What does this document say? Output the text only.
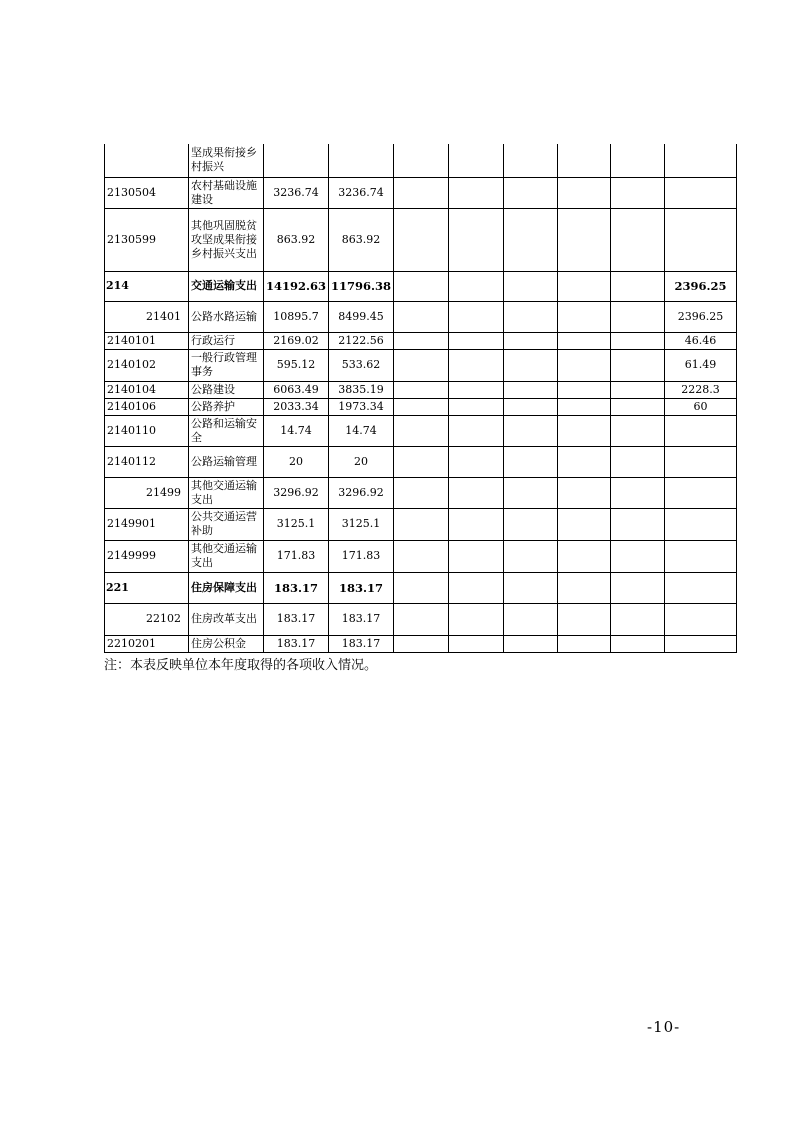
	坚成果衔接乡村振兴								
2130504	农村基础设施建设	3236.74	3236.74						
2130599	其他巩固脱贫攻坚成果衔接乡村振兴支出	863.92	863.92						
214	交通运输支出	14192.63	11796.38						2396.25
21401	公路水路运输	10895.7	8499.45						2396.25
2140101	行政运行	2169.02	2122.56						46.46
2140102	一般行政管理事务	595.12	533.62						61.49
2140104	公路建设	6063.49	3835.19						2228.3
2140106	公路养护	2033.34	1973.34						60
2140110	公路和运输安全	14.74	14.74						
2140112	公路运输管理	20	20						
21499	其他交通运输支出	3296.92	3296.92						
2149901	公共交通运营补助	3125.1	3125.1						
2149999	其他交通运输支出	171.83	171.83						
221	住房保障支出	183.17	183.17						
22102	住房改革支出	183.17	183.17						
2210201	住房公积金	183.17	183.17						
注：本表反映单位本年度取得的各项收入情况。
-10-
